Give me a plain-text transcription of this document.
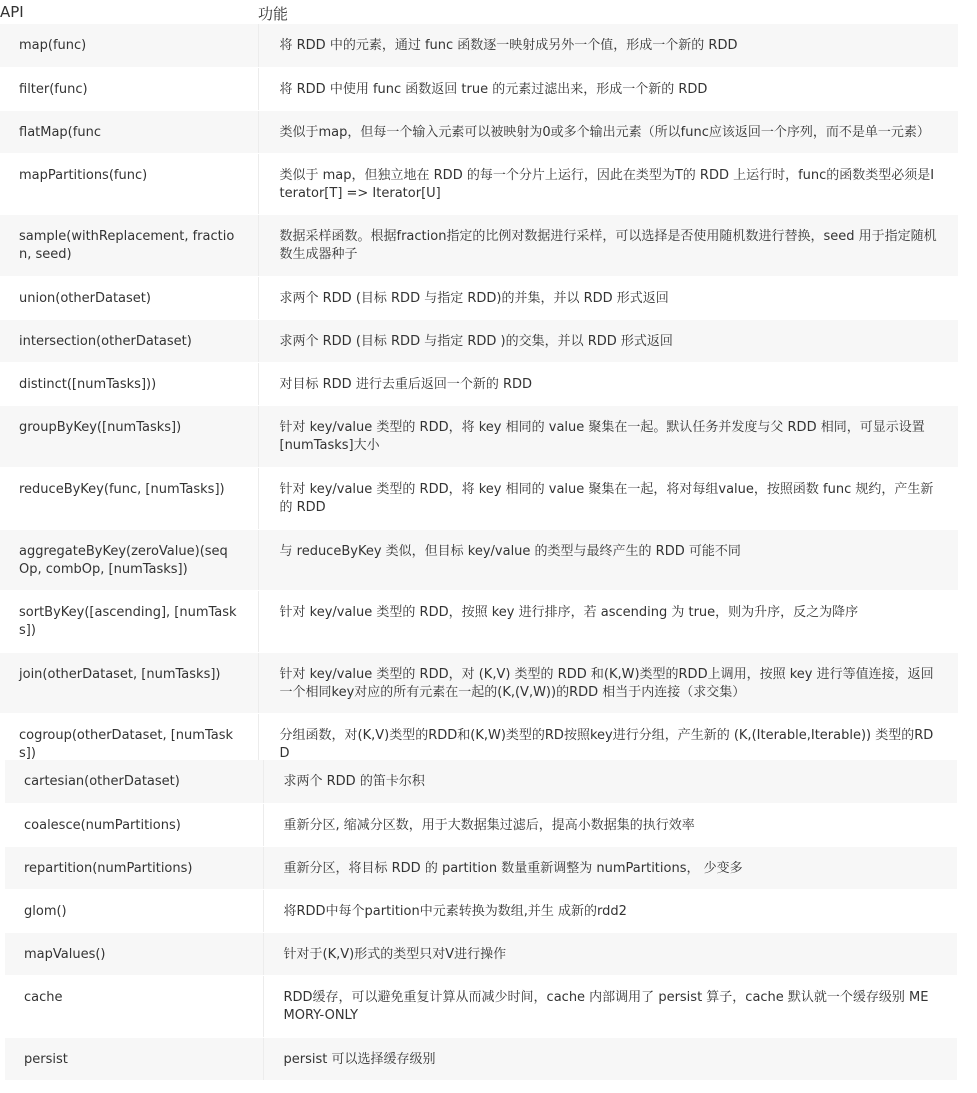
API	功能
map(func)	将 RDD 中的元素，通过 func 函数逐一映射成另外一个值，形成一个新的 RDD

filter(func)	将 RDD 中使用 func 函数返回 true 的元素过滤出来，形成一个新的 RDD

flatMap(func	类似于map，但每一个输入元素可以被映射为0或多个输出元素（所以func应该返回一个序列，而不是单一元素）

mapPartitions(func)	类似于 map，但独立地在 RDD 的每一个分片上运行，因此在类型为T的 RDD 上运行时，func的函数类型必须是Iterator[T] => Iterator[U]

sample(withReplacement, fraction, seed)	数据采样函数。根据fraction指定的比例对数据进行采样，可以选择是否使用随机数进行替换，seed 用于指定随机数生成器种子

union(otherDataset)	求两个 RDD (目标 RDD 与指定 RDD)的并集，并以 RDD 形式返回

intersection(otherDataset)	求两个 RDD (目标 RDD 与指定 RDD )的交集，并以 RDD 形式返回

distinct([numTasks]))	对目标 RDD 进行去重后返回一个新的 RDD

groupByKey([numTasks])	针对 key/value 类型的 RDD，将 key 相同的 value 聚集在一起。默认任务并发度与父 RDD 相同，可显示设置 [numTasks]大小

reduceByKey(func, [numTasks])	针对 key/value 类型的 RDD，将 key 相同的 value 聚集在一起，将对每组value，按照函数 func 规约，产生新的 RDD

aggregateByKey(zeroValue)(seqOp, combOp, [numTasks])	与 reduceByKey 类似，但目标 key/value 的类型与最终产生的 RDD 可能不同

sortByKey([ascending], [numTasks])	针对 key/value 类型的 RDD，按照 key 进行排序，若 ascending 为 true，则为升序，反之为降序

join(otherDataset, [numTasks])	针对 key/value 类型的 RDD，对 (K,V) 类型的 RDD 和(K,W)类型的RDD上调用，按照 key 进行等值连接，返回一个相同key对应的所有元素在一起的(K,(V,W))的RDD 相当于内连接（求交集）

cogroup(otherDataset, [numTasks])	分组函数，对(K,V)类型的RDD和(K,W)类型的RD按照key进行分组，产生新的 (K,(Iterable,Iterable)) 类型的RDD
cartesian(otherDataset)	求两个 RDD 的笛卡尔积

coalesce(numPartitions)	重新分区, 缩减分区数，用于大数据集过滤后，提高小数据集的执行效率

repartition(numPartitions)	重新分区，将目标 RDD 的 partition 数量重新调整为 numPartitions， 少变多

glom()	将RDD中每个partition中元素转换为数组,并生 成新的rdd2

mapValues()	针对于(K,V)形式的类型只对V进行操作

cache	RDD缓存，可以避免重复计算从而减少时间，cache 内部调用了 persist 算子，cache 默认就一个缓存级别 MEMORY-ONLY

persist	persist 可以选择缓存级别
